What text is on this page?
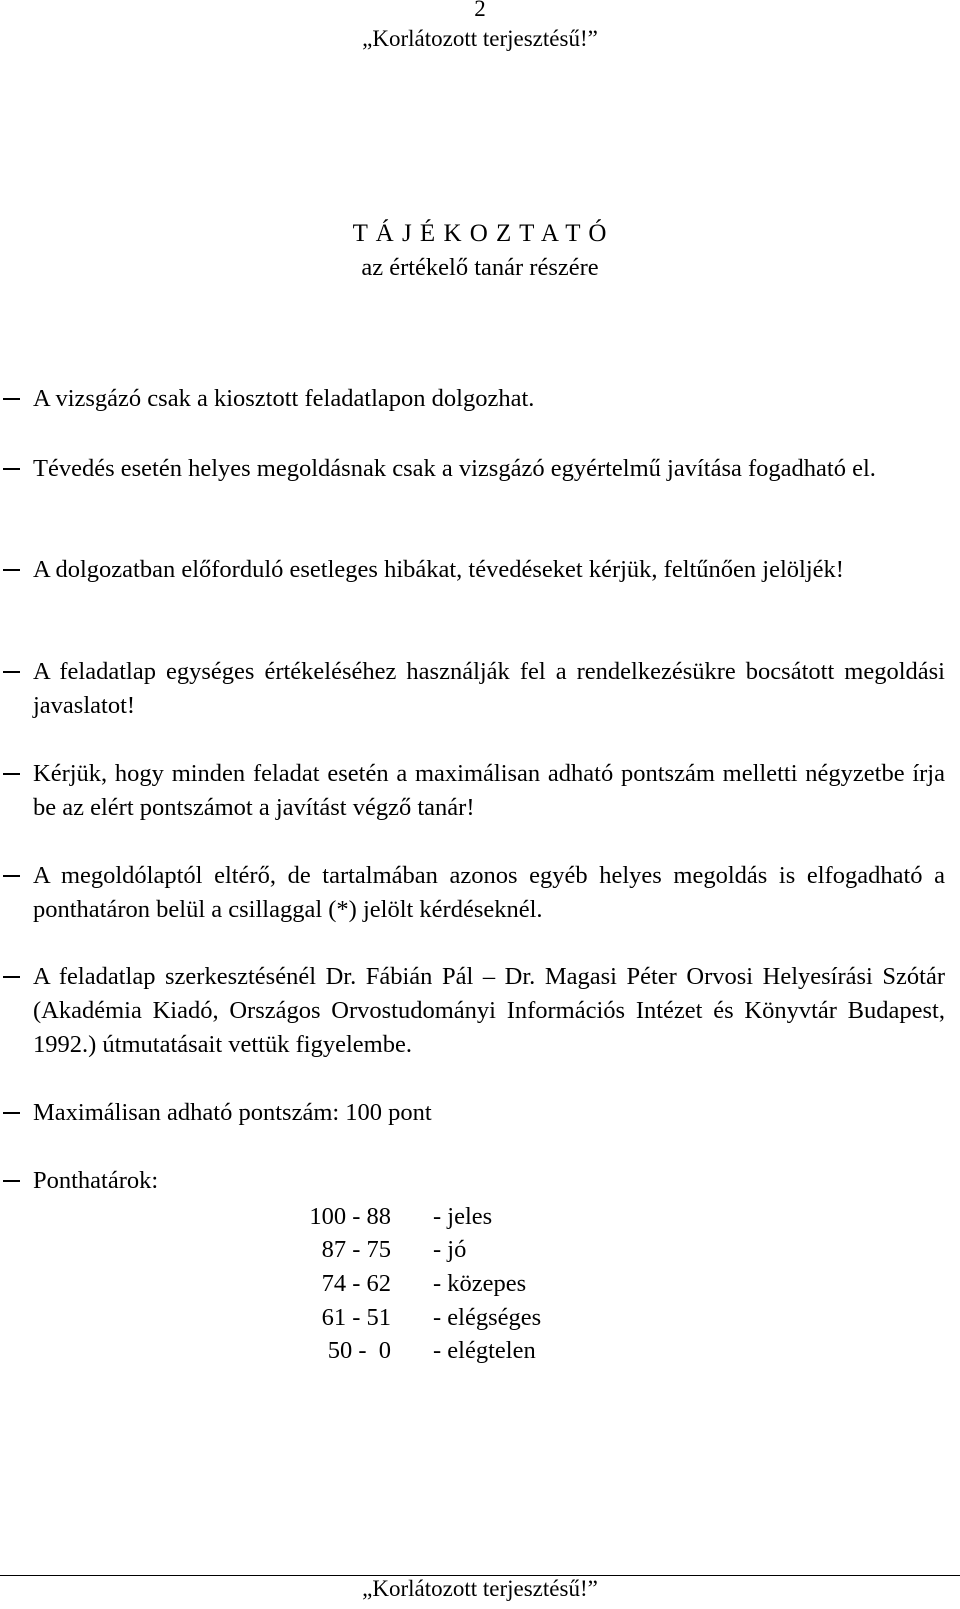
2
„Korlátozott terjesztésű!”
T Á J É K O Z T A T Ó
az értékelő tanár részére
A vizsgázó csak a kiosztott feladatlapon dolgozhat.
Tévedés esetén helyes megoldásnak csak a vizsgázó egyértelmű javítása fogadható el.
A dolgozatban előforduló esetleges hibákat, tévedéseket kérjük, feltűnően jelöljék!
A feladatlap egységes értékeléséhez használják fel a rendelkezésükre bocsátott megoldási javaslatot!
Kérjük, hogy minden feladat esetén a maximálisan adható pontszám melletti négyzetbe írja be az elért pontszámot a javítást végző tanár!
A megoldólaptól eltérő, de tartalmában azonos egyéb helyes megoldás is elfogadható a ponthatáron belül a csillaggal (*) jelölt kérdéseknél.
A feladatlap szerkesztésénél Dr. Fábián Pál – Dr. Magasi Péter Orvosi Helyesírási Szótár (Akadémia Kiadó, Országos Orvostudományi Információs Intézet és Könyvtár Budapest, 1992.) útmutatásait vettük figyelembe.
Maximálisan adható pontszám: 100 pont
Ponthatárok:
100 - 88 - jeles
87 - 75 - jó
74 - 62 - közepes
61 - 51 - elégséges
50 -  0 - elégtelen
„Korlátozott terjesztésű!”
